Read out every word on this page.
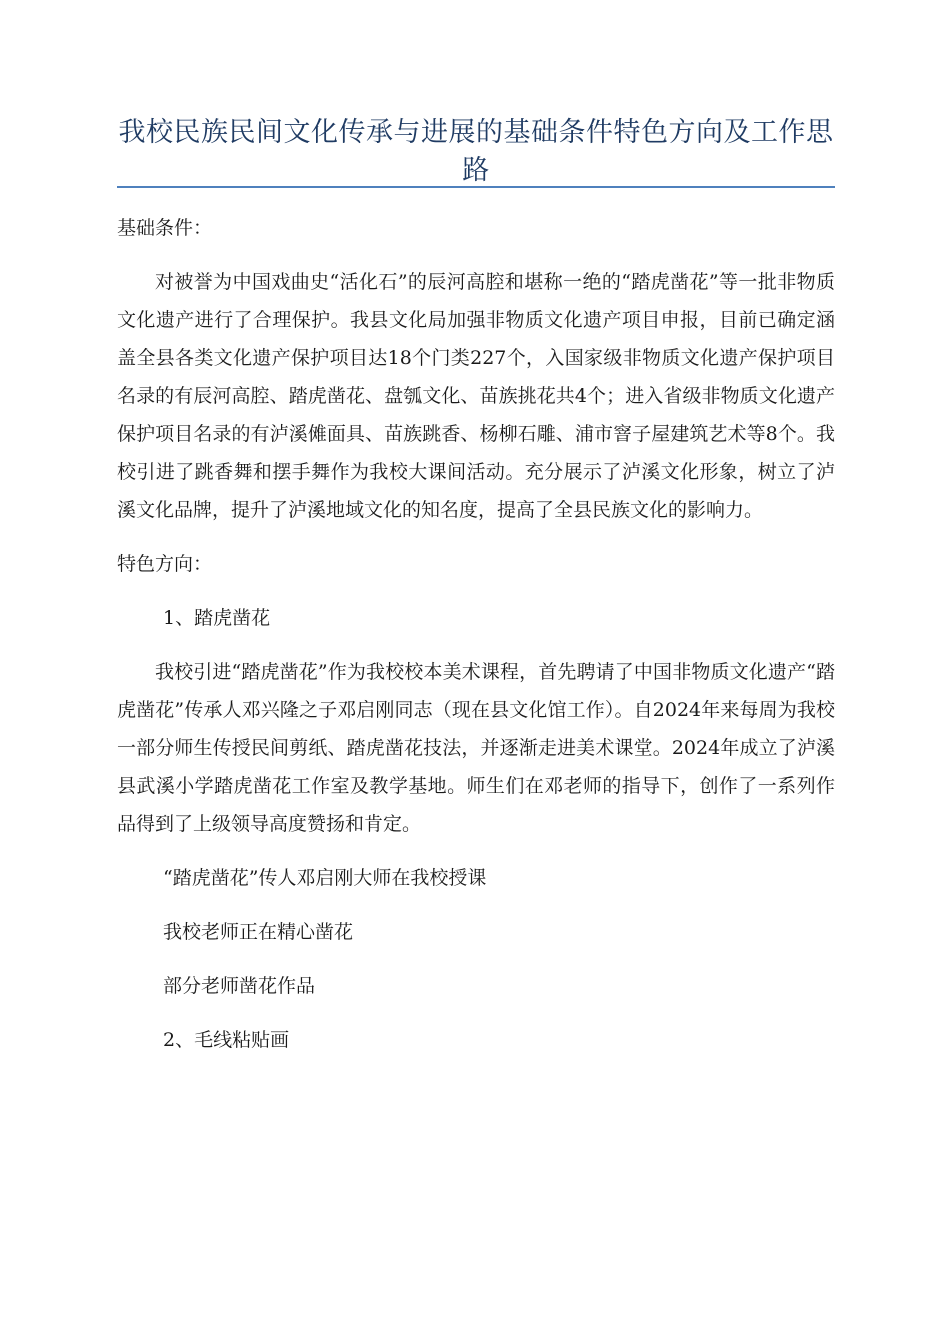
我校民族民间文化传承与进展的基础条件特色方向及工作思路

基础条件：

对被誉为中国戏曲史“活化石”的辰河高腔和堪称一绝的“踏虎凿花”等一批非物质文化遗产进行了合理保护。我县文化局加强非物质文化遗产项目申报，目前已确定涵盖全县各类文化遗产保护项目达18个门类227个，入国家级非物质文化遗产保护项目名录的有辰河高腔、踏虎凿花、盘瓠文化、苗族挑花共4个；进入省级非物质文化遗产保护项目名录的有泸溪傩面具、苗族跳香、杨柳石雕、浦市窨子屋建筑艺术等8个。我校引进了跳香舞和摆手舞作为我校大课间活动。充分展示了泸溪文化形象，树立了泸溪文化品牌，提升了泸溪地域文化的知名度，提高了全县民族文化的影响力。

特色方向：

1、踏虎凿花

我校引进“踏虎凿花”作为我校校本美术课程，首先聘请了中国非物质文化遗产“踏虎凿花”传承人邓兴隆之子邓启刚同志（现在县文化馆工作）。自2024年来每周为我校一部分师生传授民间剪纸、踏虎凿花技法，并逐渐走进美术课堂。2024年成立了泸溪县武溪小学踏虎凿花工作室及教学基地。师生们在邓老师的指导下，创作了一系列作品得到了上级领导高度赞扬和肯定。

“踏虎凿花”传人邓启刚大师在我校授课

我校老师正在精心凿花

部分老师凿花作品

2、毛线粘贴画
